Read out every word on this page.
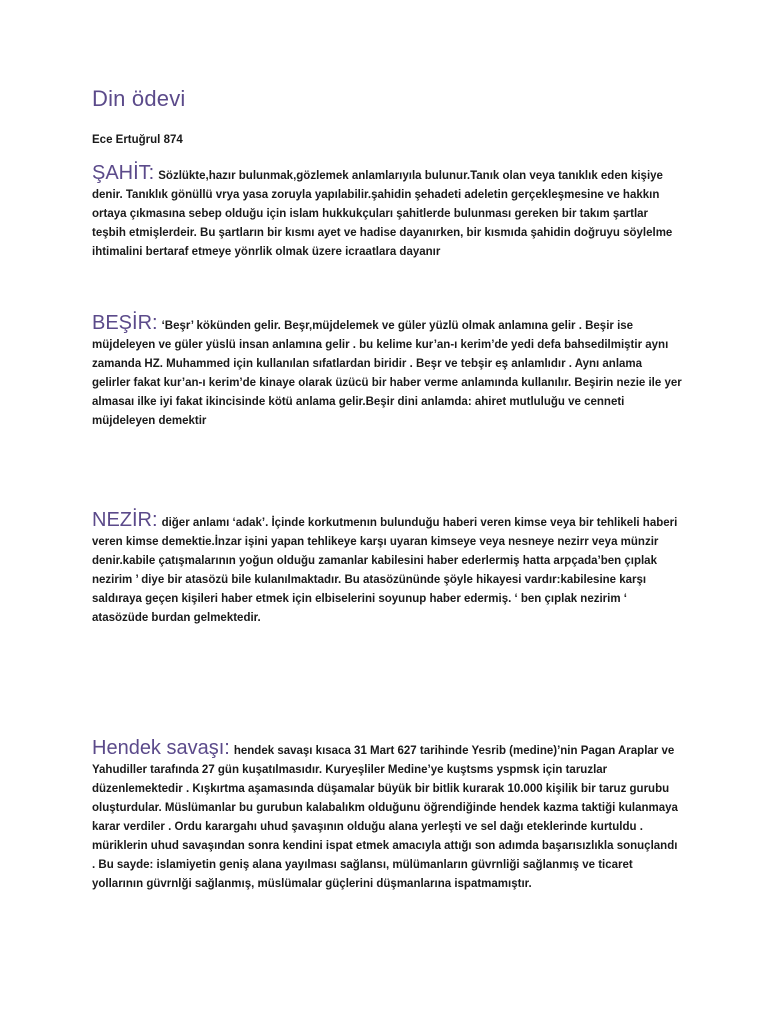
Din ödevi

Ece Ertuğrul 874

ŞAHİT: Sözlükte,hazır bulunmak,gözlemek anlamlarıyıla bulunur.Tanık olan veya tanıklık eden kişiye denir. Tanıklık gönüllü vrya yasa zoruyla yapılabilir.şahidin şehadeti adeletin gerçekleşmesine ve hakkın ortaya çıkmasına sebep olduğu için islam hukkukçuları şahitlerde bulunması gereken bir takım şartlar teşbih etmişlerdeir. Bu şartların bir kısmı ayet ve hadise dayanırken, bir kısmıda şahidin doğruyu söylelme ihtimalini bertaraf etmeye yönrlik olmak üzere icraatlara dayanır

BEŞİR: ‘Beşr’ kökünden gelir. Beşr,müjdelemek ve güler yüzlü olmak anlamına gelir . Beşir ise müjdeleyen ve güler yüslü insan anlamına gelir . bu kelime kur’an-ı kerim’de yedi defa bahsedilmiştir aynı zamanda HZ. Muhammed için kullanılan sıfatlardan biridir . Beşr ve tebşir eş anlamlıdır . Aynı anlama gelirler fakat kur’an-ı kerim’de kinaye olarak üzücü bir haber verme anlamında kullanılır. Beşirin nezie ile yer almasaı ilke iyi fakat ikincisinde kötü anlama gelir.Beşir dini anlamda: ahiret mutluluğu ve cenneti müjdeleyen demektir

NEZİR: diğer anlamı ‘adak’. İçinde korkutmenın bulunduğu haberi veren kimse veya bir tehlikeli haberi veren kimse demektie.İnzar işini yapan tehlikeye karşı uyaran kimseye veya nesneye nezirr veya münzir denir.kabile çatışmalarının yoğun olduğu zamanlar kabilesini haber ederlermiş hatta arpçada’ben çıplak nezirim ’ diye bir atasözü bile kulanılmaktadır. Bu atasözününde şöyle hikayesi vardır:kabilesine karşı saldıraya geçen kişileri haber etmek için elbiselerini soyunup haber edermiş. ‘ ben çıplak nezirim ‘ atasözüde burdan gelmektedir.

Hendek savaşı: hendek savaşı kısaca 31 Mart 627 tarihinde Yesrib (medine)’nin Pagan Araplar ve Yahudiller tarafında 27 gün kuşatılmasıdır. Kuryeşliler Medine’ye kuştsms yspmsk için taruzlar düzenlemektedir . Kışkırtma aşamasında düşamalar büyük bir bitlik kurarak 10.000 kişilik bir taruz gurubu oluşturdular. Müslümanlar bu gurubun kalabalıkm olduğunu öğrendiğinde hendek kazma taktiği kulanmaya karar verdiler . Ordu karargahı uhud şavaşının olduğu alana yerleşti ve sel dağı eteklerinde kurtuldu . müriklerin uhud savaşından sonra kendini ispat etmek amacıyla attığı son adımda başarısızlıkla sonuçlandı . Bu sayde: islamiyetin geniş alana yayılması sağlansı, mülümanların güvrnliği sağlanmış ve ticaret yollarının güvrnlği sağlanmış, müslümalar güçlerini düşmanlarına ispatmamıştır.
